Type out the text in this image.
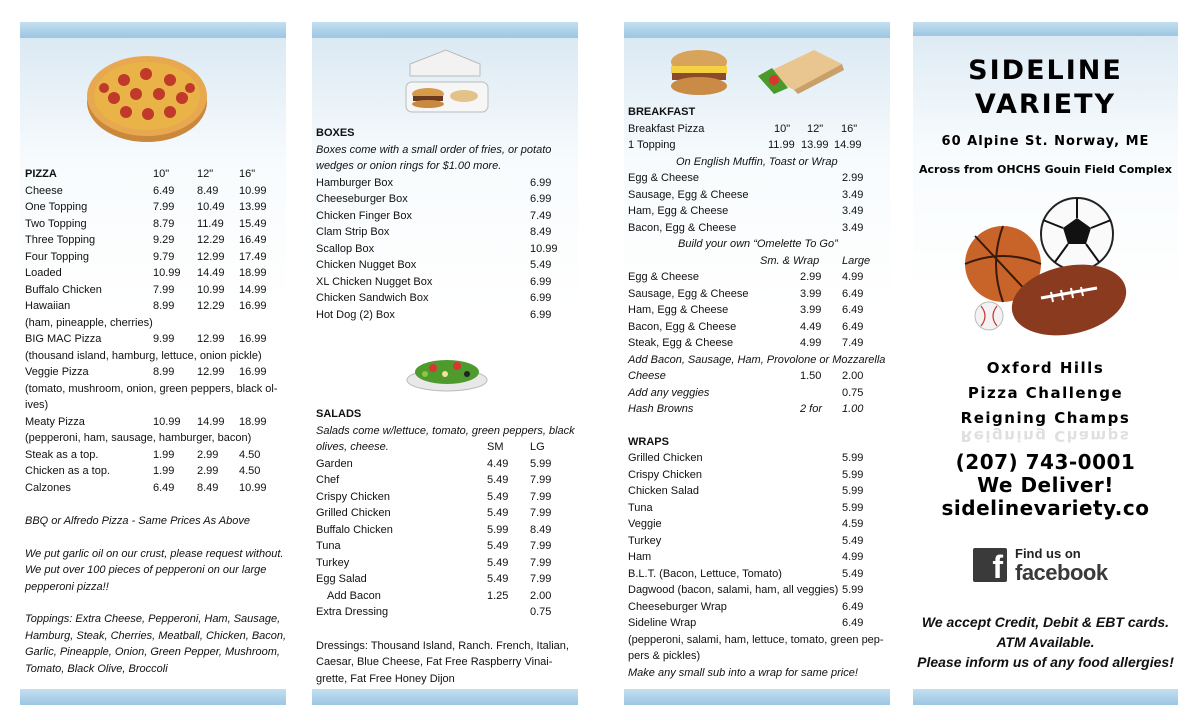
PIZZA	10"	12" 16"
Cheese	6.49 8.49 10.99
One Topping	7.99 10.49 13.99
Two Topping	8.79 11.49 15.49
Three Topping	9.29 12.29 16.49
Four Topping	9.79 12.99 17.49
Loaded	10.99 14.49 18.99
Buffalo Chicken	7.99 10.99 14.99
Hawaiian	8.99 12.29 16.99
(ham, pineapple, cherries)
BIG MAC Pizza	9.99 12.99 16.99
(thousand island, hamburg, lettuce, onion pickle)
Veggie Pizza	8.99 12.99 16.99
(tomato, mushroom, onion, green peppers, black ol-
ives)
Meaty Pizza	10.99 14.99 18.99
(pepperoni, ham, sausage, hamburger, bacon)
Steak as a top.	1.99 2.99 4.50
Chicken as a top.	1.99 2.99 4.50
Calzones	6.49 8.49 10.99
BBQ or Alfredo Pizza - Same Prices As Above
We put garlic oil on our crust, please request without.
We put over 100 pieces of pepperoni on our large
pepperoni pizza!!
Toppings: Extra Cheese, Pepperoni, Ham, Sausage,
Hamburg, Steak, Cherries, Meatball, Chicken, Bacon,
Garlic, Pineapple, Onion, Green Pepper, Mushroom,
Tomato, Black Olive, Broccoli
BOXES
Boxes come with a small order of fries, or potato
wedges or onion rings for $1.00 more.
Hamburger Box	6.99
Cheeseburger Box	6.99
Chicken Finger Box	7.49
Clam Strip Box	8.49
Scallop Box	10.99
Chicken Nugget Box	5.49
XL Chicken Nugget Box	6.99
Chicken Sandwich Box	6.99
Hot Dog (2) Box	6.99
SALADS
Salads come w/lettuce, tomato, green peppers, black
olives, cheese.	SM LG
Garden	4.49 5.99
Chef	5.49 7.99
Crispy Chicken	5.49 7.99
Grilled Chicken	5.49 7.99
Buffalo Chicken	5.99 8.49
Tuna	5.49 7.99
Turkey	5.49 7.99
Egg Salad	5.49 7.99
Add Bacon	1.25 2.00
Extra Dressing	0.75
Dressings: Thousand Island, Ranch. French, Italian,
Caesar, Blue Cheese, Fat Free Raspberry Vinai-
grette, Fat Free Honey Dijon
BREAKFAST
Breakfast Pizza	10" 12" 16"
1 Topping	11.99 13.99 14.99
On English Muffin, Toast or Wrap
Egg & Cheese	2.99
Sausage, Egg & Cheese	3.49
Ham, Egg & Cheese	3.49
Bacon, Egg & Cheese	3.49
Build your own “Omelette To Go”
Sm. & Wrap Large
Egg & Cheese	2.99 4.99
Sausage, Egg & Cheese	3.99 6.49
Ham, Egg & Cheese	3.99 6.49
Bacon, Egg & Cheese	4.49 6.49
Steak, Egg & Cheese	4.99 7.49
Add Bacon, Sausage, Ham, Provolone or Mozzarella
Cheese	1.50 2.00
Add any veggies	0.75
Hash Browns	2 for 1.00
WRAPS
Grilled Chicken	5.99
Crispy Chicken	5.99
Chicken Salad	5.99
Tuna	5.99
Veggie	4.59
Turkey	5.49
Ham	4.99
B.L.T. (Bacon, Lettuce, Tomato)	5.49
Dagwood (bacon, salami, ham, all veggies) 5.99
Cheeseburger Wrap	6.49
Sideline Wrap	6.49
(pepperoni, salami, ham, lettuce, tomato, green pep-
pers & pickles)
Make any small sub into a wrap for same price!
SIDELINE
VARIETY
60 Alpine St. Norway, ME
Across from OHCHS Gouin Field Complex
Oxford Hills
Pizza Challenge
Reigning Champs
Reigning Champs
(207) 743-0001
We Deliver!
sidelinevariety.co
f Find us on
facebook
We accept Credit, Debit & EBT cards.
ATM Available.
Please inform us of any food allergies!
